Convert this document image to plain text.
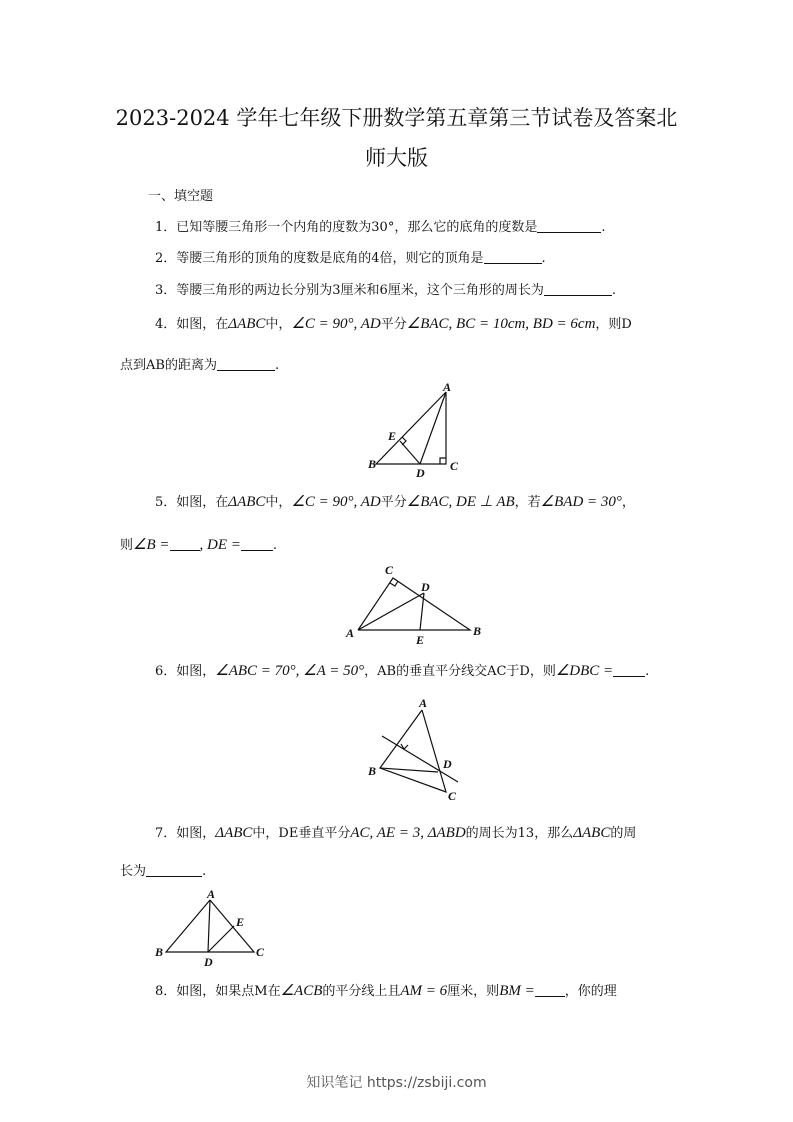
2023-2024 学年七年级下册数学第五章第三节试卷及答案北
师大版
一、填空题
1．已知等腰三角形一个内角的度数为30°，那么它的底角的度数是	.
2．等腰三角形的顶角的度数是底角的4倍，则它的顶角是	.
3．等腰三角形的两边长分别为3厘米和6厘米，这个三角形的周长为	.
4．如图，在ΔABC中，∠C = 90°, AD平分∠BAC, BC = 10cm, BD = 6cm，则D
点到AB的距离为	.
A
E
B
D C
5．如图，在ΔABC中，∠C = 90°, AD平分∠BAC, DE ⊥ AB，若∠BAD = 30°，
则∠B = , DE = .
C
D
A	E
B
6．如图，∠ABC = 70°, ∠A = 50°，AB的垂直平分线交AC于D，则∠DBC = .
A
B	D
C
7．如图，ΔABC中，DE垂直平分AC, AE = 3, ΔABD的周长为13，那么ΔABC的周
长为	.
A
E
B
D
C
8．如图，如果点M在∠ACB的平分线上且AM = 6厘米，则BM = ，你的理
知识笔记 https://zsbiji.com
